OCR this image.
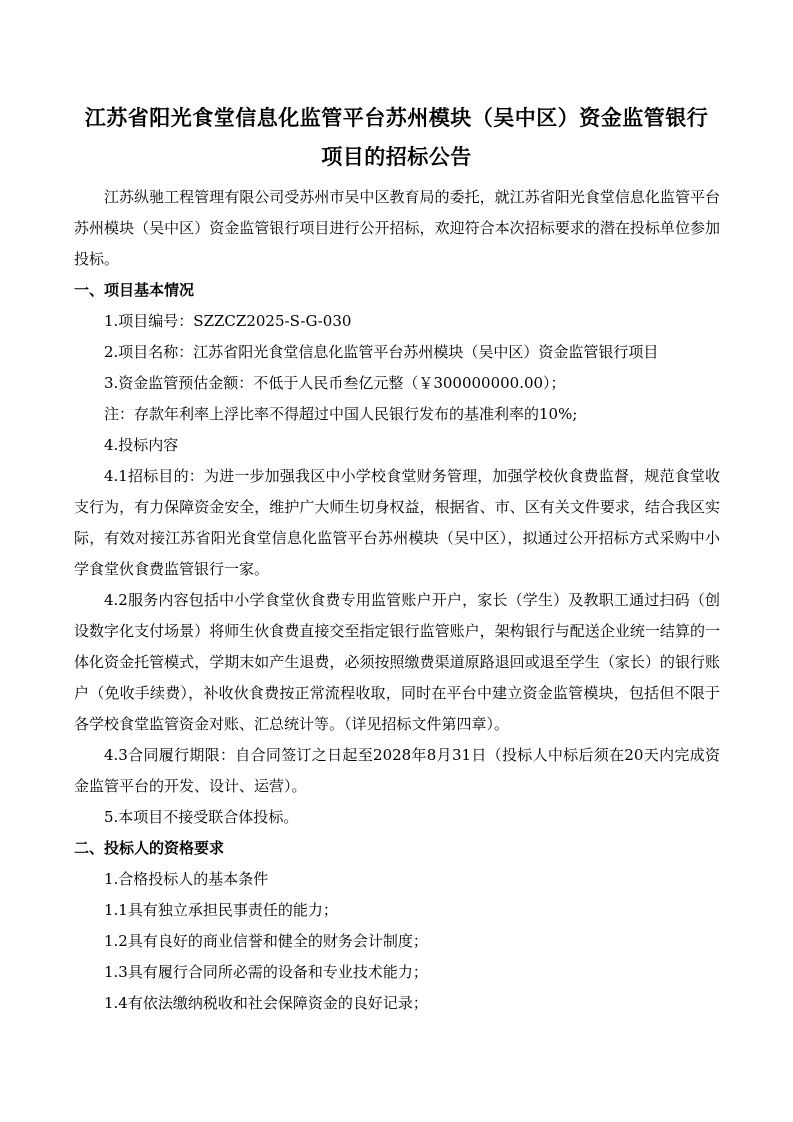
江苏省阳光食堂信息化监管平台苏州模块（吴中区）资金监管银行
项目的招标公告

江苏纵驰工程管理有限公司受苏州市吴中区教育局的委托，就江苏省阳光食堂信息化监管平台苏州模块（吴中区）资金监管银行项目进行公开招标，欢迎符合本次招标要求的潜在投标单位参加投标。

一、项目基本情况

1.项目编号：SZZCZ2025-S-G-030

2.项目名称：江苏省阳光食堂信息化监管平台苏州模块（吴中区）资金监管银行项目

3.资金监管预估金额：不低于人民币叁亿元整（￥300000000.00）；

注：存款年利率上浮比率不得超过中国人民银行发布的基准利率的10%;

4.投标内容

4.1招标目的：为进一步加强我区中小学校食堂财务管理，加强学校伙食费监督，规范食堂收支行为，有力保障资金安全，维护广大师生切身权益，根据省、市、区有关文件要求，结合我区实际，有效对接江苏省阳光食堂信息化监管平台苏州模块（吴中区），拟通过公开招标方式采购中小学食堂伙食费监管银行一家。

4.2服务内容包括中小学食堂伙食费专用监管账户开户，家长（学生）及教职工通过扫码（创设数字化支付场景）将师生伙食费直接交至指定银行监管账户，架构银行与配送企业统一结算的一体化资金托管模式，学期末如产生退费，必须按照缴费渠道原路退回或退至学生（家长）的银行账户（免收手续费），补收伙食费按正常流程收取，同时在平台中建立资金监管模块，包括但不限于各学校食堂监管资金对账、汇总统计等。（详见招标文件第四章）。

4.3合同履行期限：自合同签订之日起至2028年8月31日（投标人中标后须在20天内完成资金监管平台的开发、设计、运营）。

5.本项目不接受联合体投标。

二、投标人的资格要求

1.合格投标人的基本条件

1.1具有独立承担民事责任的能力；

1.2具有良好的商业信誉和健全的财务会计制度；

1.3具有履行合同所必需的设备和专业技术能力；

1.4有依法缴纳税收和社会保障资金的良好记录；
